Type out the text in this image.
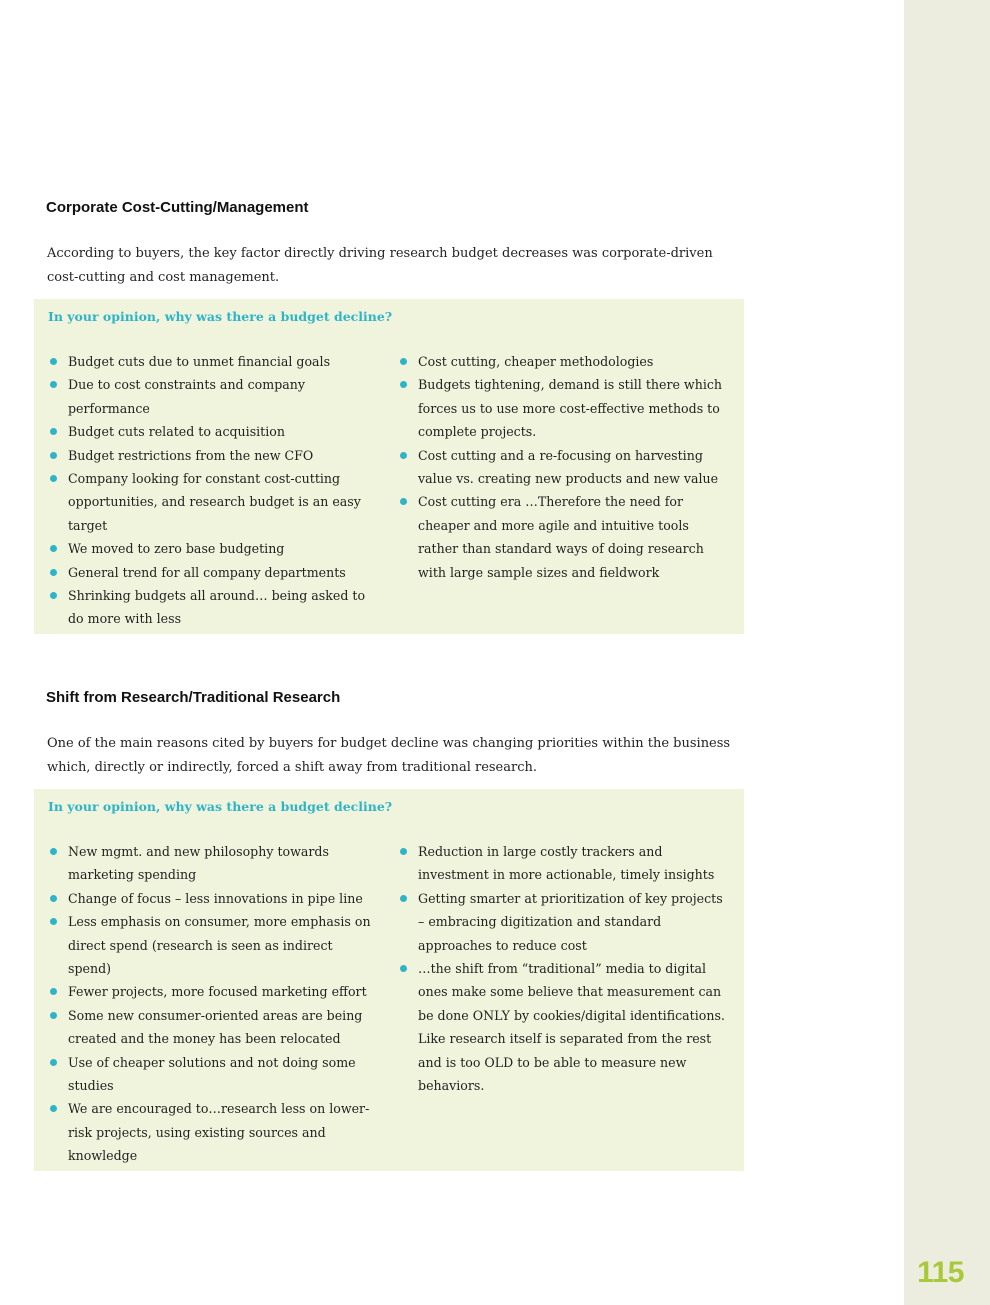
115
Corporate Cost-Cutting/Management

According to buyers, the key factor directly driving research budget decreases was corporate-driven cost-cutting and cost management.

In your opinion, why was there a budget decline?
Budget cuts due to unmet financial goals
Due to cost constraints and company performance
Budget cuts related to acquisition
Budget restrictions from the new CFO
Company looking for constant cost-cutting opportunities, and research budget is an easy target
We moved to zero base budgeting
General trend for all company departments
Shrinking budgets all around… being asked to do more with less
Cost cutting, cheaper methodologies
Budgets tightening, demand is still there which forces us to use more cost-effective methods to complete projects.
Cost cutting and a re-focusing on harvesting value vs. creating new products and new value
Cost cutting era …Therefore the need for cheaper and more agile and intuitive tools rather than standard ways of doing research with large sample sizes and fieldwork
Shift from Research/Traditional Research

One of the main reasons cited by buyers for budget decline was changing priorities within the business which, directly or indirectly, forced a shift away from traditional research.

In your opinion, why was there a budget decline?
New mgmt. and new philosophy towards marketing spending
Change of focus – less innovations in pipe line
Less emphasis on consumer, more emphasis on direct spend (research is seen as indirect spend)
Fewer projects, more focused marketing effort
Some new consumer-oriented areas are being created and the money has been relocated
Use of cheaper solutions and not doing some studies
We are encouraged to…research less on lower-risk projects, using existing sources and knowledge
Reduction in large costly trackers and investment in more actionable, timely insights
Getting smarter at prioritization of key projects – embracing digitization and standard approaches to reduce cost
…the shift from “traditional” media to digital ones make some believe that measurement can be done ONLY by cookies/digital identifications. Like research itself is separated from the rest and is too OLD to be able to measure new behaviors.
